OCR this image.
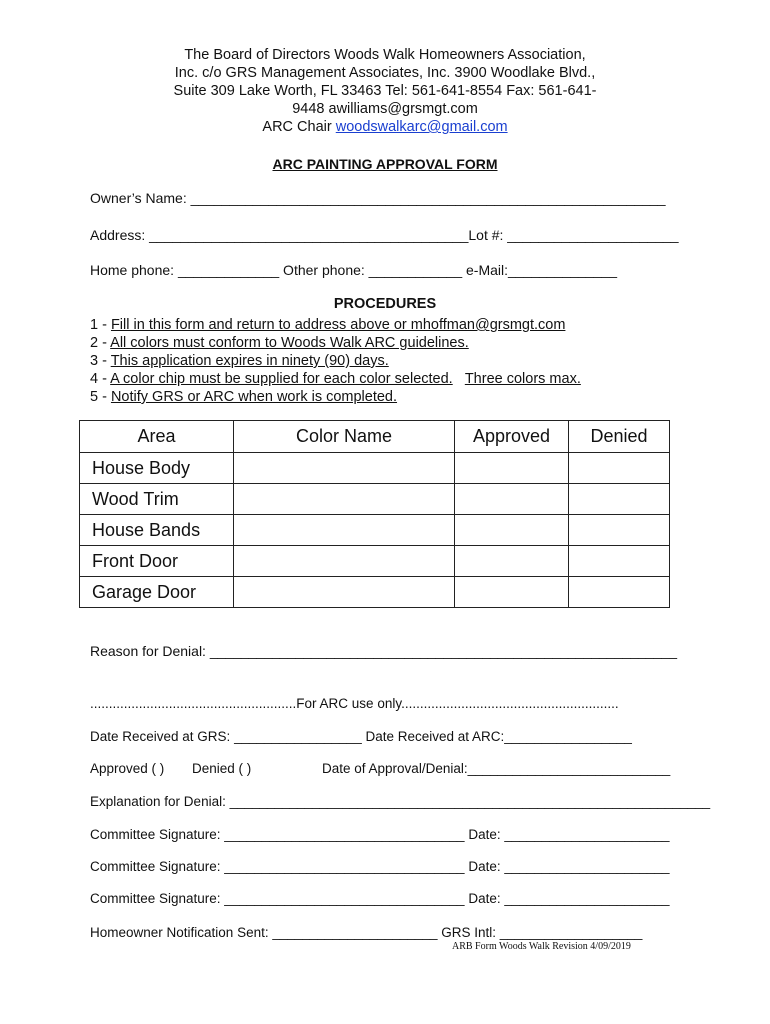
The Board of Directors Woods Walk Homeowners Association,
Inc. c/o GRS Management Associates, Inc. 3900 Woodlake Blvd.,
Suite 309 Lake Worth, FL 33463 Tel: 561-641-8554 Fax: 561-641-
9448 awilliams@grsmgt.com
ARC Chair woodswalkarc@gmail.com
ARC PAINTING APPROVAL FORM
Owner’s Name: _____________________________________________________________
Address: _________________________________________Lot #: ______________________
Home phone: _____________ Other phone: ____________ e-Mail:______________
PROCEDURES
1 - Fill in this form and return to address above or mhoffman@grsmgt.com
2 - All colors must conform to Woods Walk ARC guidelines.
3 - This application expires in ninety (90) days.
4 - A color chip must be supplied for each color selected. Three colors max.
5 - Notify GRS or ARC when work is completed.
Area	Color Name	Approved	Denied
House Body			
Wood Trim			
House Bands			
Front Door			
Garage Door			
Reason for Denial: ____________________________________________________________
.......................................................For ARC use only..........................................................
Date Received at GRS: _________________ Date Received at ARC:_________________
Approved ( ) Denied ( )	Date of Approval/Denial:___________________________
Explanation for Denial: ________________________________________________________________
Committee Signature: ________________________________ Date: ______________________
Committee Signature: ________________________________ Date: ______________________
Committee Signature: ________________________________ Date: ______________________
Homeowner Notification Sent: ______________________ GRS Intl: ___________________
ARB Form Woods Walk Revision 4/09/2019
